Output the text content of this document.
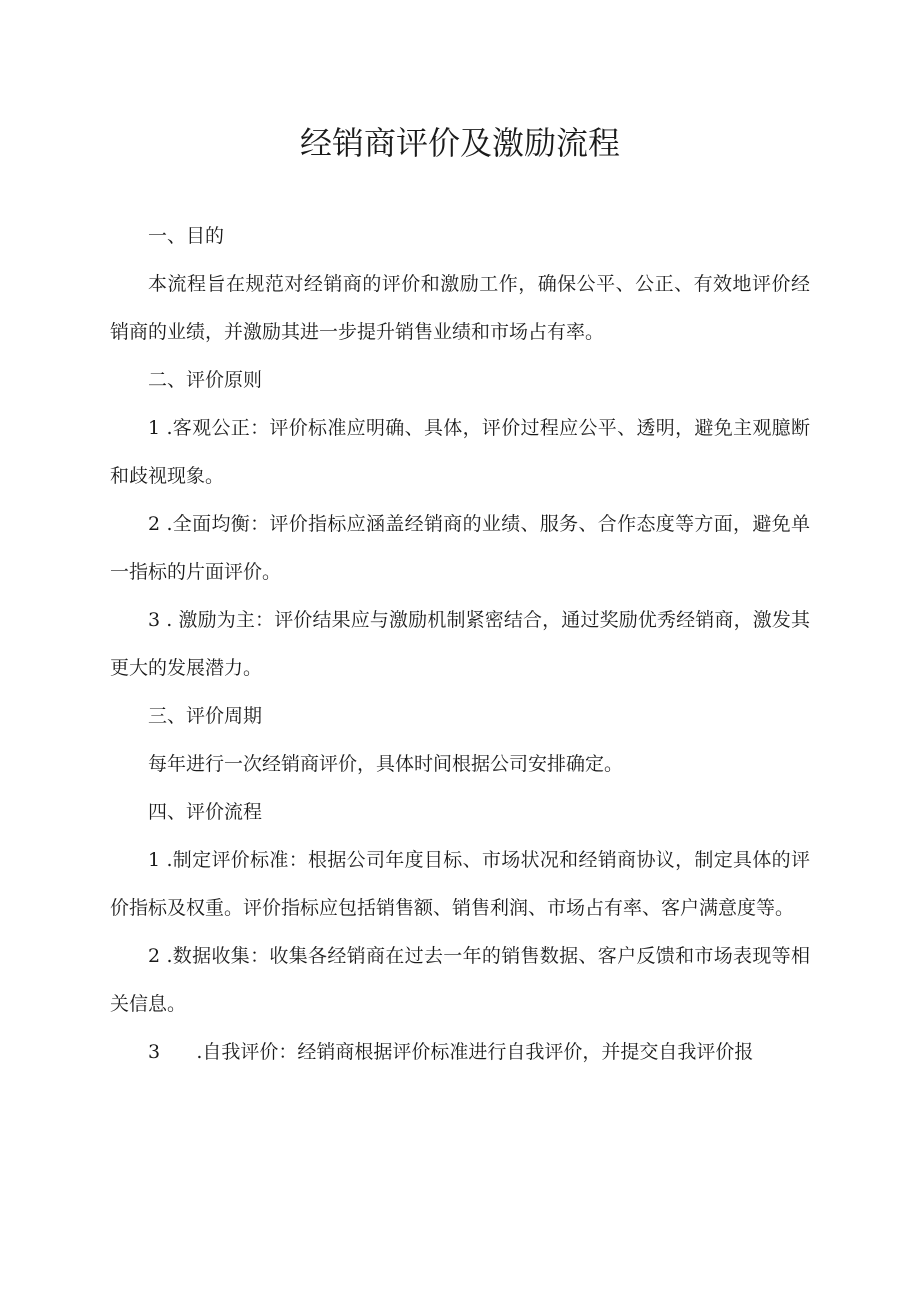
经销商评价及激励流程

一、目的

本流程旨在规范对经销商的评价和激励工作，确保公平、公正、有效地评价经销商的业绩，并激励其进一步提升销售业绩和市场占有率。

二、评价原则

1 .客观公正：评价标准应明确、具体，评价过程应公平、透明，避免主观臆断和歧视现象。

2 .全面均衡：评价指标应涵盖经销商的业绩、服务、合作态度等方面，避免单一指标的片面评价。

3 . 激励为主：评价结果应与激励机制紧密结合，通过奖励优秀经销商，激发其更大的发展潜力。

三、评价周期

每年进行一次经销商评价，具体时间根据公司安排确定。

四、评价流程

1 .制定评价标准：根据公司年度目标、市场状况和经销商协议，制定具体的评价指标及权重。评价指标应包括销售额、销售利润、市场占有率、客户满意度等。

2 .数据收集：收集各经销商在过去一年的销售数据、客户反馈和市场表现等相关信息。

3      .自我评价：经销商根据评价标准进行自我评价，并提交自我评价报
